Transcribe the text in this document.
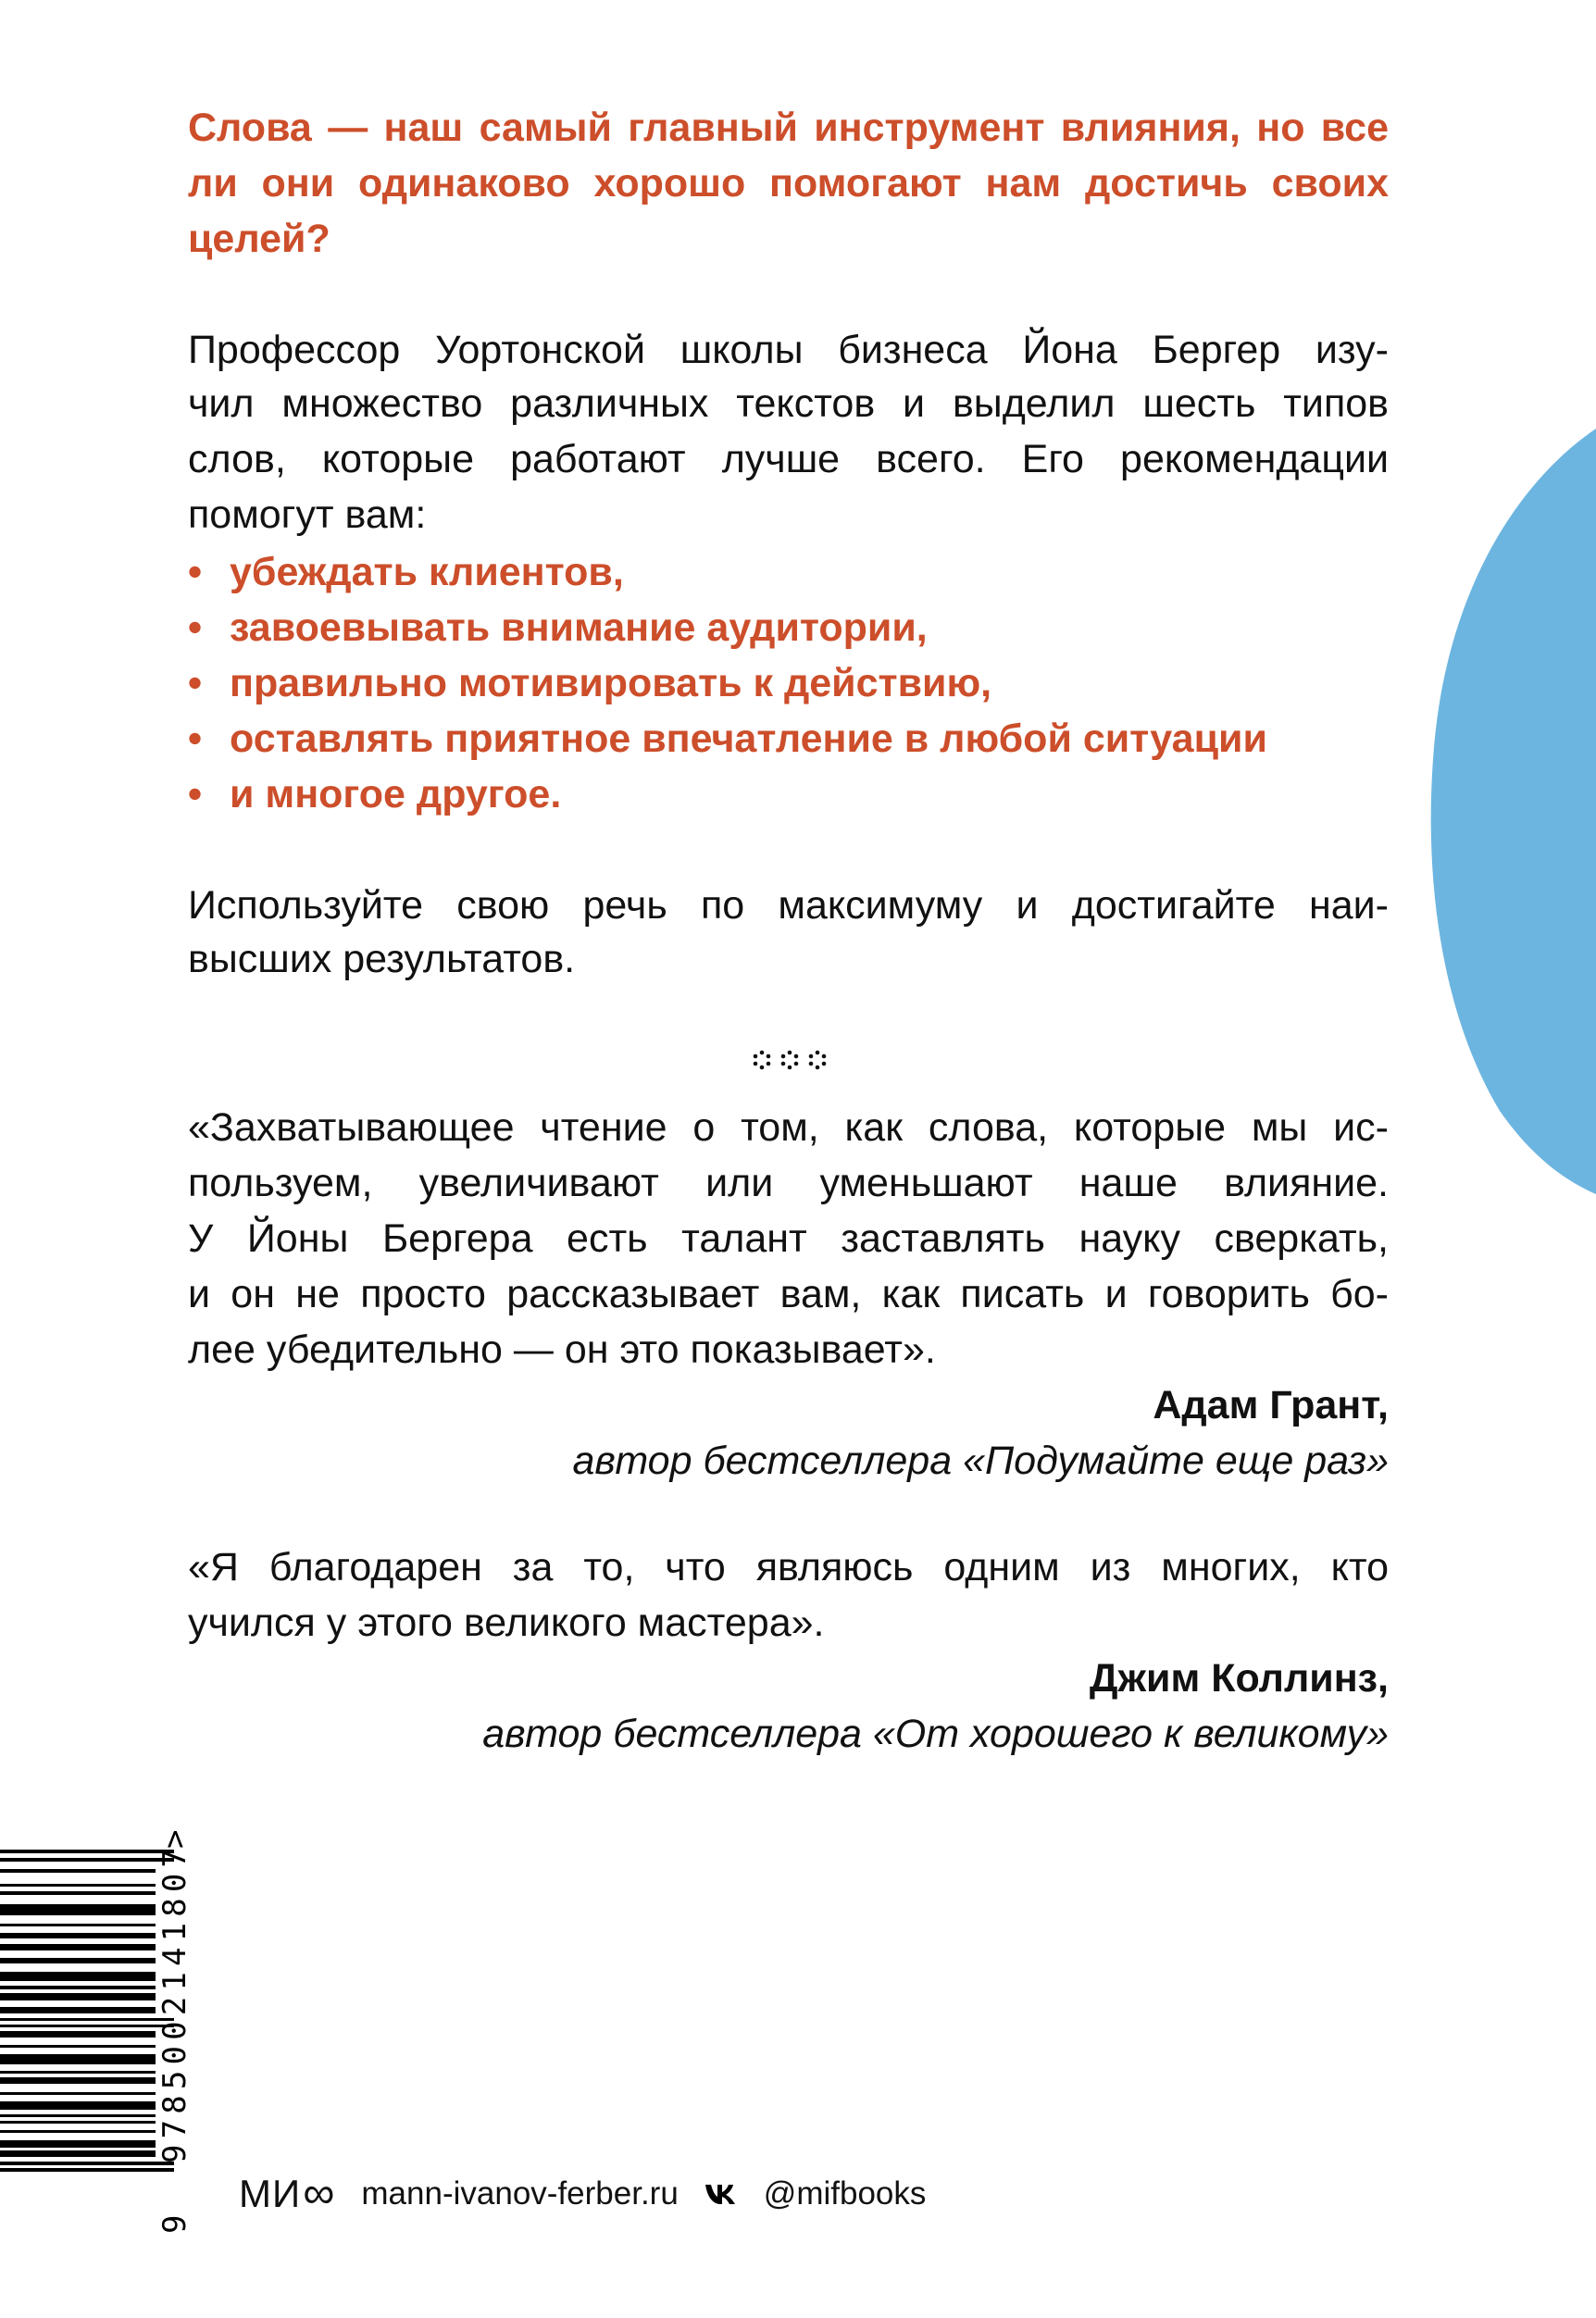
Слова — наш самый главный инструмент влияния, но все
ли они одинаково хорошо помогают нам достичь своих
целей?
Профессор Уортонской школы бизнеса Йона Бергер изу-
чил множество различных текстов и выделил шесть типов
слов, которые работают лучше всего. Его рекомендации
помогут вам:
• убеждать клиентов,
• завоевывать внимание аудитории,
• правильно мотивировать к действию,
• оставлять приятное впечатление в любой ситуации
• и многое другое.
Используйте свою речь по максимуму и достигайте наи-
высших результатов.
«Захватывающее чтение о том, как слова, которые мы ис-
пользуем, увеличивают или уменьшают наше влияние.
У Йоны Бергера есть талант заставлять науку сверкать,
и он не просто рассказывает вам, как писать и говорить бо-
лее убедительно — он это показывает».
Адам Грант,
автор бестселлера «Подумайте еще раз»
«Я благодарен за то, что являюсь одним из многих, кто
учился у этого великого мастера».
Джим Коллинз,
автор бестселлера «От хорошего к великому»
9785002141807
>
9
МИ ∞ mann-ivanov-ferber.ru	@mifbooks
